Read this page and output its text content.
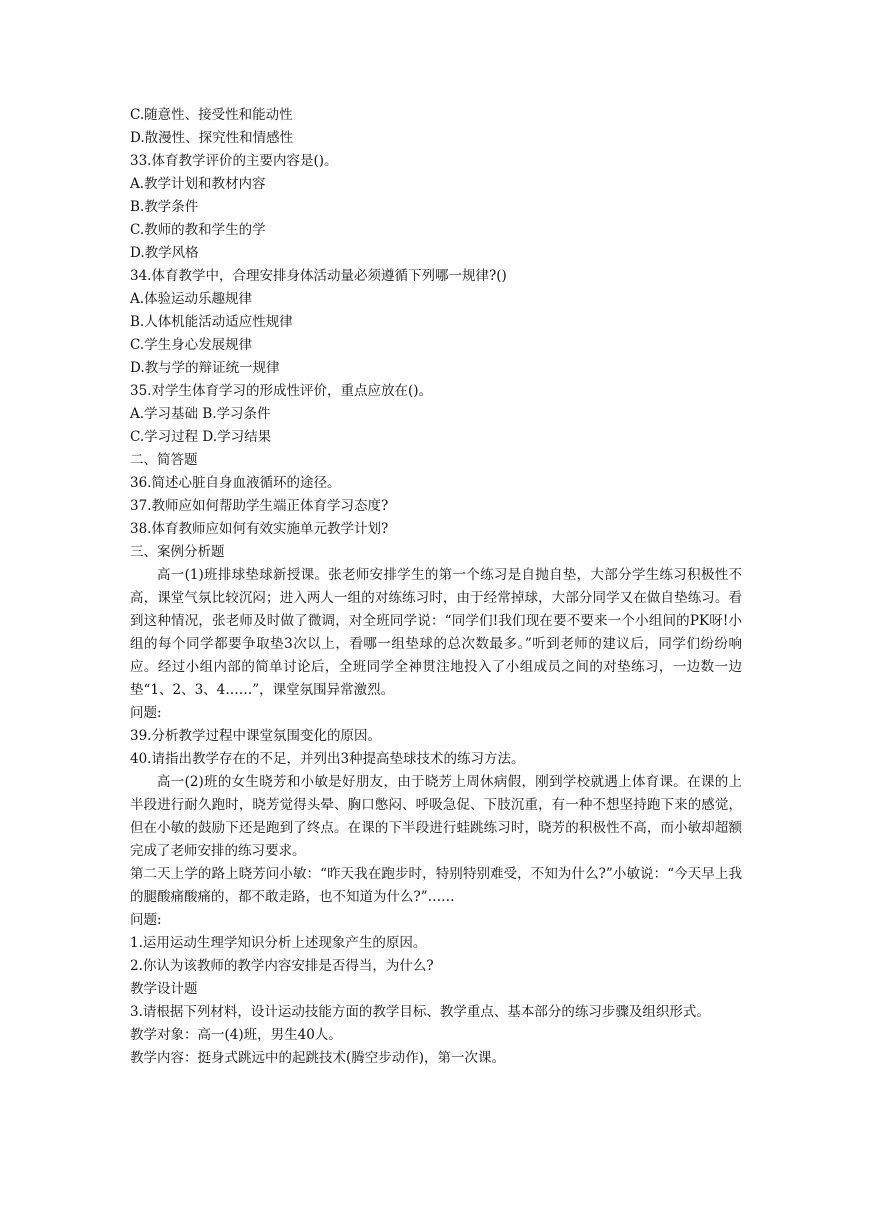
C.随意性、接受性和能动性

D.散漫性、探究性和情感性

33.体育教学评价的主要内容是()。

A.教学计划和教材内容

B.教学条件

C.教师的教和学生的学

D.教学风格

34.体育教学中，合理安排身体活动量必须遵循下列哪一规律?()

A.体验运动乐趣规律

B.人体机能活动适应性规律

C.学生身心发展规律

D.教与学的辩证统一规律

35.对学生体育学习的形成性评价，重点应放在()。

A.学习基础 B.学习条件

C.学习过程 D.学习结果

二、简答题

36.简述心脏自身血液循环的途径。

37.教师应如何帮助学生端正体育学习态度?

38.体育教师应如何有效实施单元教学计划?

三、案例分析题

高一(1)班排球垫球新授课。张老师安排学生的第一个练习是自抛自垫，大部分学生练习积极性不高，课堂气氛比较沉闷；进入两人一组的对练练习时，由于经常掉球，大部分同学又在做自垫练习。看到这种情况，张老师及时做了微调，对全班同学说：“同学们!我们现在要不要来一个小组间的PK呀!小组的每个同学都要争取垫3次以上，看哪一组垫球的总次数最多。”听到老师的建议后，同学们纷纷响应。经过小组内部的简单讨论后，全班同学全神贯注地投入了小组成员之间的对垫练习，一边数一边垫“1、2、3、4……”，课堂氛围异常激烈。

问题:

39.分析教学过程中课堂氛围变化的原因。

40.请指出教学存在的不足，并列出3种提高垫球技术的练习方法。

高一(2)班的女生晓芳和小敏是好朋友，由于晓芳上周休病假，刚到学校就遇上体育课。在课的上半段进行耐久跑时，晓芳觉得头晕、胸口憋闷、呼吸急促、下肢沉重，有一种不想坚持跑下来的感觉，但在小敏的鼓励下还是跑到了终点。在课的下半段进行蛙跳练习时，晓芳的积极性不高，而小敏却超额完成了老师安排的练习要求。

第二天上学的路上晓芳问小敏：“昨天我在跑步时，特别特别难受，不知为什么?”小敏说：“今天早上我的腿酸痛酸痛的，都不敢走路，也不知道为什么?”……

问题:

1.运用运动生理学知识分析上述现象产生的原因。

2.你认为该教师的教学内容安排是否得当，为什么?

教学设计题

3.请根据下列材料，设计运动技能方面的教学目标、教学重点、基本部分的练习步骤及组织形式。

教学对象：高一(4)班，男生40人。

教学内容：挺身式跳远中的起跳技术(腾空步动作)，第一次课。
